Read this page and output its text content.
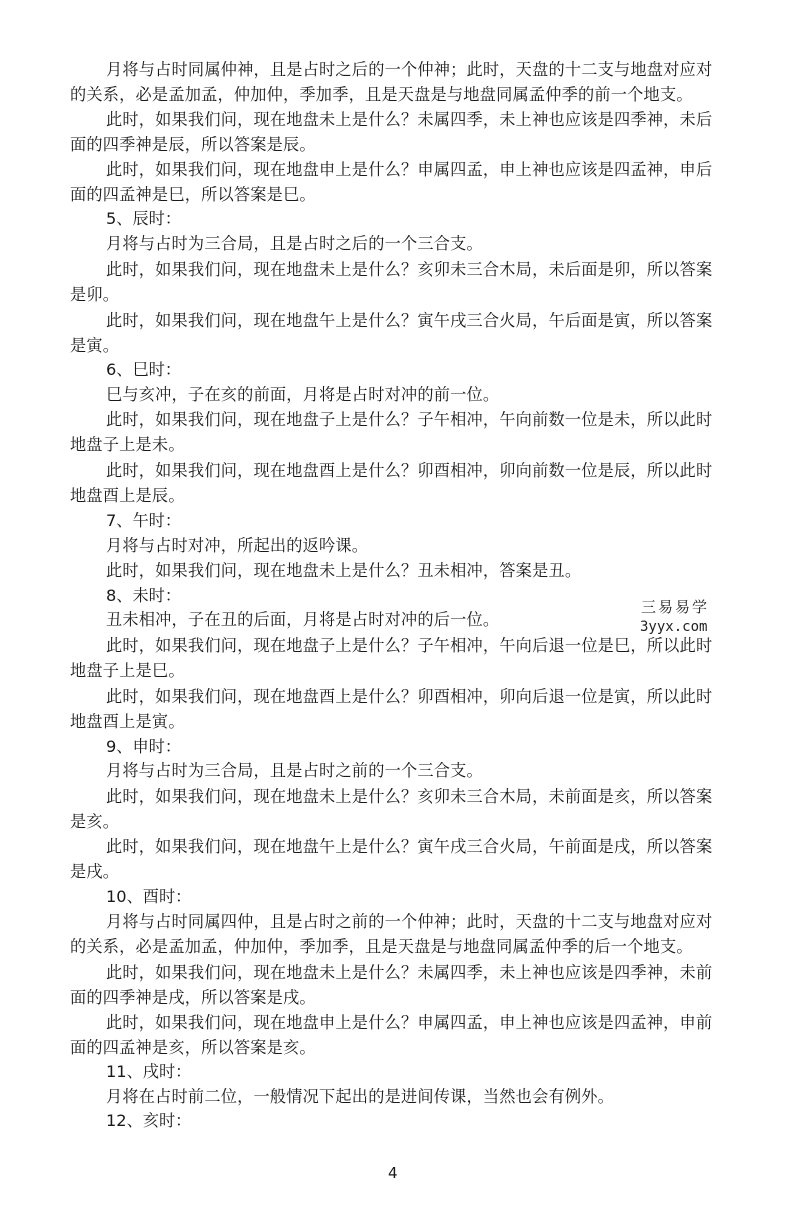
月将与占时同属仲神，且是占时之后的一个仲神；此时，天盘的十二支与地盘对应对
的关系，必是孟加孟，仲加仲，季加季，且是天盘是与地盘同属孟仲季的前一个地支。
此时，如果我们问，现在地盘未上是什么？未属四季，未上神也应该是四季神，未后
面的四季神是辰，所以答案是辰。
此时，如果我们问，现在地盘申上是什么？申属四孟，申上神也应该是四孟神，申后
面的四孟神是巳，所以答案是巳。
5、辰时：
月将与占时为三合局，且是占时之后的一个三合支。
此时，如果我们问，现在地盘未上是什么？亥卯未三合木局，未后面是卯，所以答案
是卯。
此时，如果我们问，现在地盘午上是什么？寅午戌三合火局，午后面是寅，所以答案
是寅。
6、巳时：
巳与亥冲，子在亥的前面，月将是占时对冲的前一位。
此时，如果我们问，现在地盘子上是什么？子午相冲，午向前数一位是未，所以此时
地盘子上是未。
此时，如果我们问，现在地盘酉上是什么？卯酉相冲，卯向前数一位是辰，所以此时
地盘酉上是辰。
7、午时：
月将与占时对冲，所起出的返吟课。
此时，如果我们问，现在地盘未上是什么？丑未相冲，答案是丑。
8、未时：
丑未相冲，子在丑的后面，月将是占时对冲的后一位。
此时，如果我们问，现在地盘子上是什么？子午相冲，午向后退一位是巳，所以此时
地盘子上是巳。
此时，如果我们问，现在地盘酉上是什么？卯酉相冲，卯向后退一位是寅，所以此时
地盘酉上是寅。
9、申时：
月将与占时为三合局，且是占时之前的一个三合支。
此时，如果我们问，现在地盘未上是什么？亥卯未三合木局，未前面是亥，所以答案
是亥。
此时，如果我们问，现在地盘午上是什么？寅午戌三合火局，午前面是戌，所以答案
是戌。
10、酉时：
月将与占时同属四仲，且是占时之前的一个仲神；此时，天盘的十二支与地盘对应对
的关系，必是孟加孟，仲加仲，季加季，且是天盘是与地盘同属孟仲季的后一个地支。
此时，如果我们问，现在地盘未上是什么？未属四季，未上神也应该是四季神，未前
面的四季神是戌，所以答案是戌。
此时，如果我们问，现在地盘申上是什么？申属四孟，申上神也应该是四孟神，申前
面的四孟神是亥，所以答案是亥。
11、戌时：
月将在占时前二位，一般情况下起出的是进间传课，当然也会有例外。
12、亥时：
三易易学
3yyx.com
4
